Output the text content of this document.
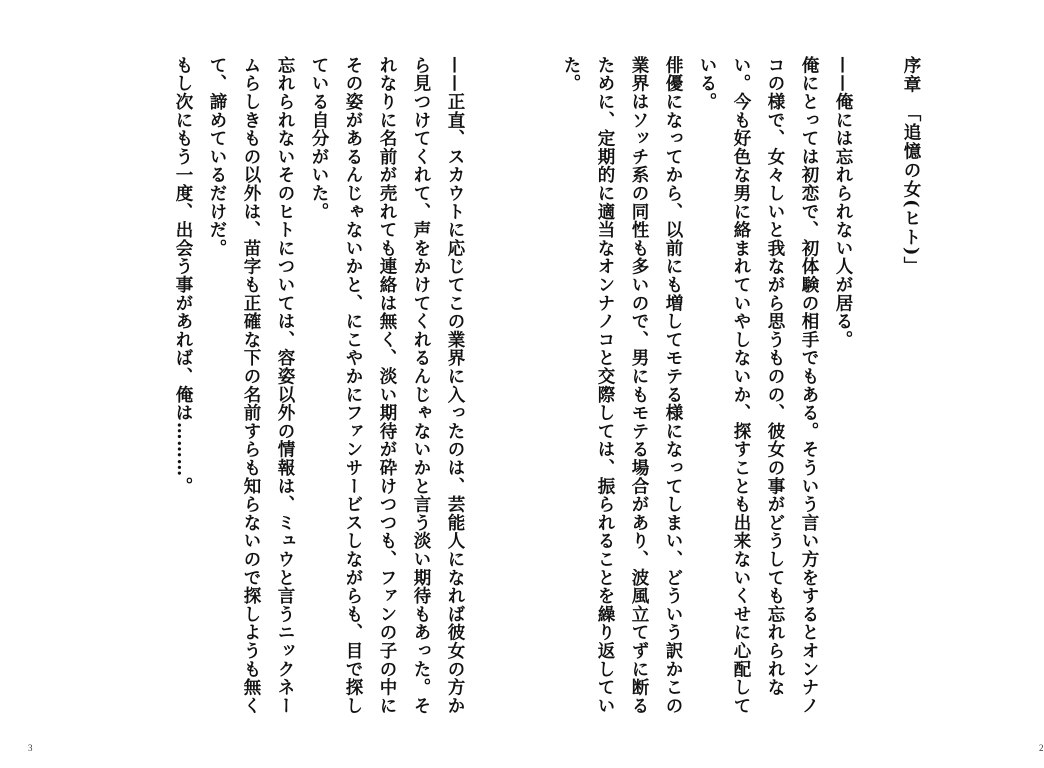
序章　「追憶の女(ヒト)」

——俺には忘れられない人が居る。

俺にとっては初恋で、初体験の相手でもある。そういう言い方をするとオンナノコの様で、女々しいと我ながら思うものの、彼女の事がどうしても忘れられない。今も好色な男に絡まれていやしないか、探すことも出来ないくせに心配している。

俳優になってから、以前にも増してモテる様になってしまい、どういう訳かこの業界はソッチ系の同性も多いので、男にもモテる場合があり、波風立てずに断るために、定期的に適当なオンナノコと交際しては、振られることを繰り返していた。

2

——正直、スカウトに応じてこの業界に入ったのは、芸能人になれば彼女の方から見つけてくれて、声をかけてくれるんじゃないかと言う淡い期待もあった。それなりに名前が売れても連絡は無く、淡い期待が砕けつつも、ファンの子の中にその姿があるんじゃないかと、にこやかにファンサービスしながらも、目で探している自分がいた。

忘れられないそのヒトについては、容姿以外の情報は、ミュウと言うニックネームらしきもの以外は、苗字も正確な下の名前すらも知らないので探しようも無くて、諦めているだけだ。

もし次にもう一度、出会う事があれば、俺は………。

3
